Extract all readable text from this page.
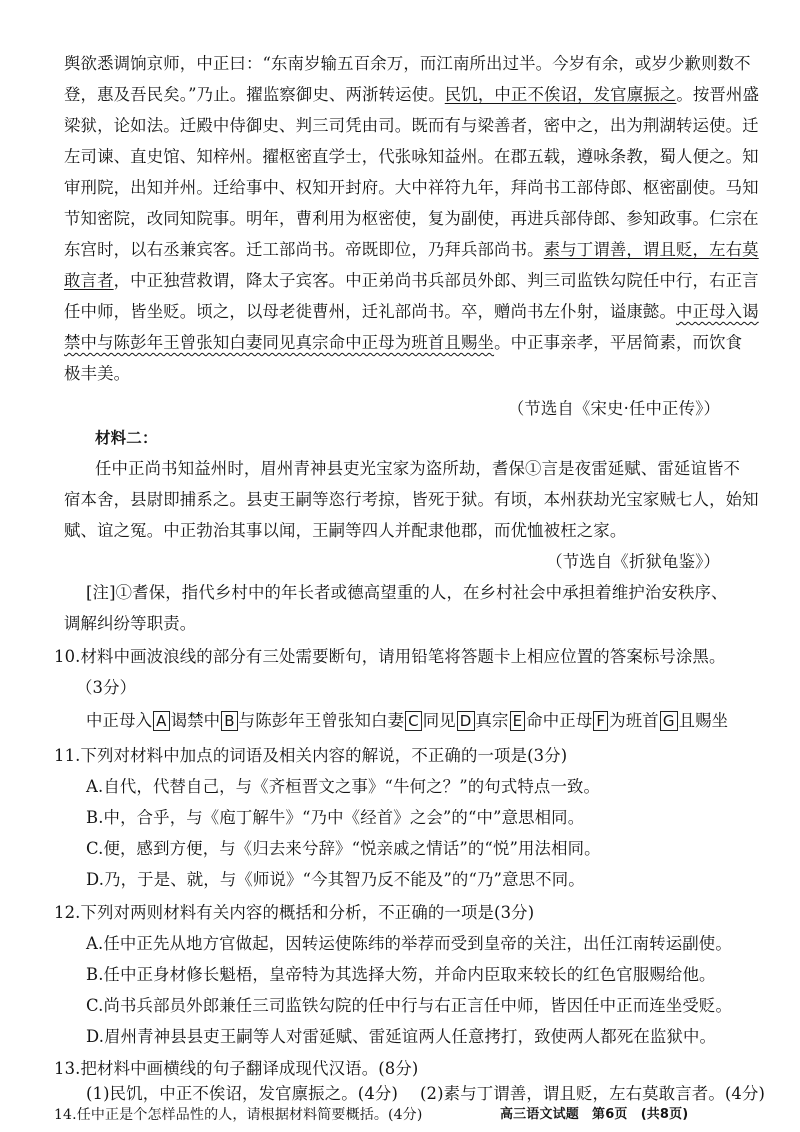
舆欲悉调饷京师，中正曰：“东南岁输五百余万，而江南所出过半。今岁有余，或岁少歉则数不
登，惠及吾民矣。”乃止。擢监察御史、两浙转运使。民饥，中正不俟诏，发官廪振之。按晋州盛
梁狱，论如法。迁殿中侍御史、判三司凭由司。既而有与梁善者，密中之，出为荆湖转运使。迁
左司谏、直史馆、知梓州。擢枢密直学士，代张咏知益州。在郡五载，遵咏条教，蜀人便之。知
审刑院，出知并州。迁给事中、权知开封府。大中祥符九年，拜尚书工部侍郎、枢密副使。马知
节知密院，改同知院事。明年，曹利用为枢密使，复为副使，再进兵部侍郎、参知政事。仁宗在
东宫时，以右丞兼宾客。迁工部尚书。帝既即位，乃拜兵部尚书。素与丁谓善，谓且贬，左右莫
敢言者，中正独营救谓，降太子宾客。中正弟尚书兵部员外郎、判三司监铁勾院任中行，右正言
任中师，皆坐贬。顷之，以母老徙曹州，迁礼部尚书。卒，赠尚书左仆射，谥康懿。中正母入谒
禁中与陈彭年王曾张知白妻同见真宗命中正母为班首且赐坐。中正事亲孝，平居简素，而饮食
极丰美。
（节选自《宋史·任中正传》）
材料二：
任中正尚书知益州时，眉州青神县吏光宝家为盗所劫，耆保①言是夜雷延赋、雷延谊皆不
宿本舍，县尉即捕系之。县吏王嗣等恣行考掠，皆死于狱。有顷，本州获劫光宝家贼七人，始知
赋、谊之冤。中正勃治其事以闻，王嗣等四人并配隶他郡，而优恤被枉之家。
（节选自《折狱龟鉴》）
[注]①耆保，指代乡村中的年长者或德高望重的人，在乡村社会中承担着维护治安秩序、
调解纠纷等职责。
10.材料中画波浪线的部分有三处需要断句，请用铅笔将答题卡上相应位置的答案标号涂黑。
（3分）
中正母入 A 谒禁中 B 与陈彭年王曾张知白妻 C 同见 D 真宗 E 命中正母 F 为班首 G 且赐坐
11.下列对材料中加点的词语及相关内容的解说，不正确的一项是(3分)
A.自代，代替自己，与《齐桓晋文之事》“牛何之？”的句式特点一致。
B.中，合乎，与《庖丁解牛》“乃中《经首》之会”的“中”意思相同。
C.便，感到方便，与《归去来兮辞》“悦亲戚之情话”的“悦”用法相同。
D.乃，于是、就，与《师说》“今其智乃反不能及”的“乃”意思不同。
12.下列对两则材料有关内容的概括和分析，不正确的一项是(3分)
A.任中正先从地方官做起，因转运使陈纬的举荐而受到皇帝的关注，出任江南转运副使。
B.任中正身材修长魁梧，皇帝特为其选择大笏，并命内臣取来较长的红色官服赐给他。
C.尚书兵部员外郎兼任三司监铁勾院的任中行与右正言任中师，皆因任中正而连坐受贬。
D.眉州青神县县吏王嗣等人对雷延赋、雷延谊两人任意拷打，致使两人都死在监狱中。
13.把材料中画横线的句子翻译成现代汉语。(8分)
(1)民饥，中正不俟诏，发官廪振之。(4分) (2)素与丁谓善，谓且贬，左右莫敢言者。(4分)
14.任中正是个怎样品性的人，请根据材料简要概括。(4分)	高三语文试题　第6页　(共8页)
